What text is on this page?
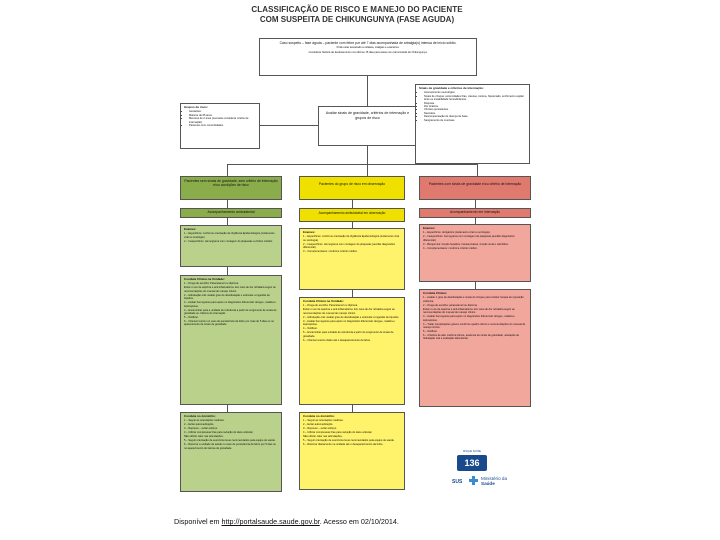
CLASSIFICAÇÃO DE RISCO E MANEJO DO PACIENTE
COM SUSPEITA DE CHIKUNGUNYA (FASE AGUDA)

Caso suspeito – fase aguda – paciente com febre por até 7 dias acompanhada de artralgia(s) intensa de início súbito.

Pode estar associado a cefaleia, mialgias e exantema.

Considerar história de deslocamento nos últimos 15 dias para áreas com transmissão de Chikungunya.

Grupos de risco:
• Gestantes.
• Maiores de 65 anos.
• Menores de 2 anos (neonatos considerar critério de internação).
• Pacientes com comorbidades.
Avaliar sinais de gravidade, critérios de internação e grupos de risco
Sinais de gravidade e critérios de internação:
• Acometimento neurológico.
• Sinais de choque: extremidades frias, cianose, tontura, hipotensão, enchimento capilar lento ou instabilidade hemodinâmica.
• Dispneia.
• Dor torácica.
• Vômitos persistentes.
• Neonatos.
• Descompensação de doença de base.
• Sangramento de mucosas.
Pacientes sem sinais de gravidade, sem critério de internação e/ou condições de risco
Acompanhamento ambulatorial
Exames:

1 – Específicos: conforme orientação da Vigilância Epidemiológica (isolamento viral ou sorologia).

2 – Inespecíficos: Hemograma com contagem de plaquetas a critério médico.

Conduta Clínica na Unidade:

1 – Droga de escolha: Paracetamol ou dipirona.

Evitar o uso de aspirina e anti-inflamatórios. Em caso de dor refratária seguir as recomendações do manual de manejo clínico.

2 – Hidratação oral: avaliar grau de desidratação e estimular a ingestão de líquidos.

3 – Avaliar hemograma para apoio no diagnóstico diferencial: dengue, malária e leptospirose.

4 – Encaminhar para a unidade de referência a partir de surgimento de sinais de gravidade ou critérios de internação.

5 – Notificar.

6 – Orientar retorno no caso de persistência da febre por mais de 5 dias ou no aparecimento de sinais de gravidade.

Conduta no domicílio:

1 – Seguir as orientações médicas.

2 – Evitar automedicação.

3 – Repouso – evitar esforço.

4 – Utilizar compressas frias para redução do dano articular.

Não utilizar calor nas articulações.

5 – Seguir orientação de exercícios leves recomendados pela equipe de saúde.

6 – Retornar a unidade de saúde no caso de persistência da febre por 5 dias ou no aparecimento de fatores de gravidade.

Pacientes do grupo de risco em observação
Acompanhamento ambulatorial em observação
Exames:

1 – Específicos: conforme orientação da Vigilância Epidemiológica (isolamento viral ou sorologia).

2 – Inespecíficos: Hemograma com contagem de plaquetas (auxiliar diagnóstico diferencial).

3 – Complementares: conforme critério médico.

Conduta Clínica na Unidade:

1 – Droga de escolha: Paracetamol ou dipirona.

Evitar o uso de aspirina e anti-inflamatórios. Em caso de dor refratária seguir as recomendações do manual de manejo clínico.

2 – Hidratação oral: avaliar grau de desidratação e estimular a ingestão de líquidos.

3 – Avaliar hemograma para apoio no diagnóstico diferencial: dengue, malária e leptospirose.

4 – Notificar.

5 – Encaminhar para unidade de referência a partir do surgimento de sinais de gravidade.

6 – Orientar retorno diário até o desaparecimento da febre.

Conduta no domicílio:

1 – Seguir as orientações médicas.

2 – Evitar automedicação.

3 – Repouso – evitar esforço.

4 – Utilizar compressas frias para redução do dano articular.

Não utilizar calor nas articulações.

5 – Seguir orientação de exercícios leves recomendados pela equipe de saúde.

6 – Retornar diariamente na unidade até o desaparecimento da febre.

Pacientes com sinais de gravidade e/ou critério de internação
Acompanhamento em internação
Exames:

1 – Específicos: obrigatório (isolamento viral ou sorologia).

2 – Inespecíficos: hemograma com contagem de plaquetas (auxiliar diagnóstico diferencial).

3 – Bioquímica: função hepática, transaminases, função renal e eletrólitos.

4 – Complementares: conforme critério médico.

Conduta Clínica:

1 – Avaliar o grau de desidratação e sinais de choque para instituir terapia de reposição volêmica.

2 – Droga de escolha: paracetamol ou dipirona.

Evitar o uso de aspirina e anti-inflamatórios. Em caso de dor refratária seguir as recomendações do manual de manejo clínico.

3 – Avaliar hemograma para apoio no diagnóstico diferencial: dengue, malária e leptospirose.

4 – Tratar complicações graves conforme quadro clínico e recomendações do manual de manejo clínico.

5 – Notificar.

6 – Critérios de alta: melhora clínica, ausência de sinais de gravidade, aceitação de hidratação oral e avaliação laboratorial.

DISQUE SAÚDE
136
SUS
Ministério da
Saúde
Disponível em http://portalsaude.saude.gov.br. Acesso em 02/10/2014.
